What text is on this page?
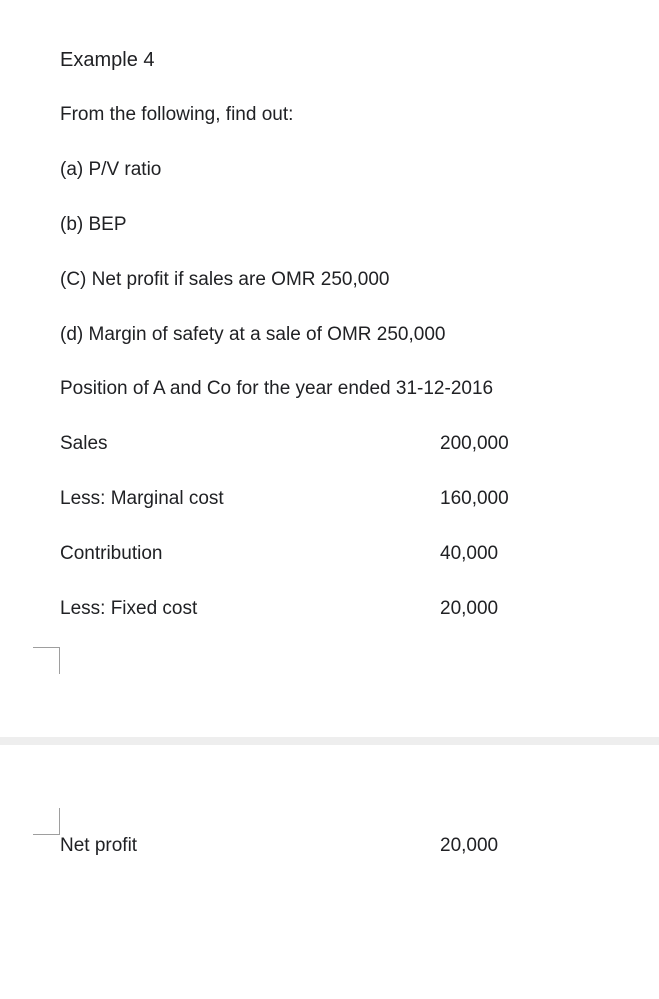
Example 4
From the following, find out:
(a) P/V ratio
(b) BEP
(C) Net profit if sales are OMR 250,000
(d) Margin of safety at a sale of OMR 250,000
Position of A and Co for the year ended 31-12-2016
Sales	200,000
Less: Marginal cost	160,000
Contribution	40,000
Less: Fixed cost	20,000
Net profit	20,000
